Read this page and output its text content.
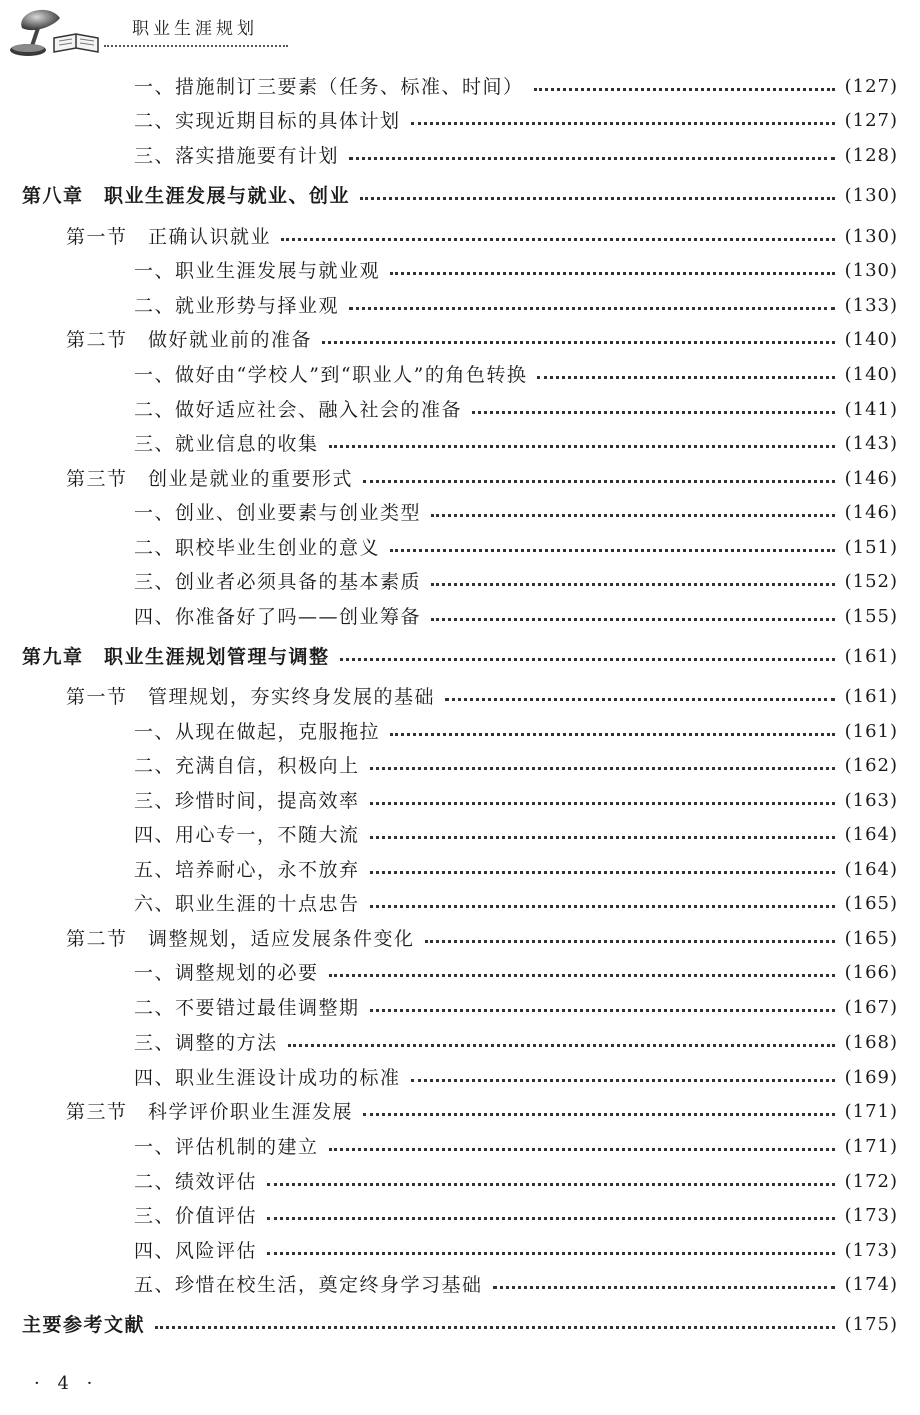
职业生涯规划
一、措施制订三要素（任务、标准、时间）	(127)
二、实现近期目标的具体计划	(127)
三、落实措施要有计划	(128)
第八章　职业生涯发展与就业、创业	(130)
第一节　正确认识就业	(130)
一、职业生涯发展与就业观	(130)
二、就业形势与择业观	(133)
第二节　做好就业前的准备	(140)
一、做好由“学校人”到“职业人”的角色转换	(140)
二、做好适应社会、融入社会的准备	(141)
三、就业信息的收集	(143)
第三节　创业是就业的重要形式	(146)
一、创业、创业要素与创业类型	(146)
二、职校毕业生创业的意义	(151)
三、创业者必须具备的基本素质	(152)
四、你准备好了吗——创业筹备	(155)
第九章　职业生涯规划管理与调整	(161)
第一节　管理规划，夯实终身发展的基础	(161)
一、从现在做起，克服拖拉	(161)
二、充满自信，积极向上	(162)
三、珍惜时间，提高效率	(163)
四、用心专一，不随大流	(164)
五、培养耐心，永不放弃	(164)
六、职业生涯的十点忠告	(165)
第二节　调整规划，适应发展条件变化	(165)
一、调整规划的必要	(166)
二、不要错过最佳调整期	(167)
三、调整的方法	(168)
四、职业生涯设计成功的标准	(169)
第三节　科学评价职业生涯发展	(171)
一、评估机制的建立	(171)
二、绩效评估	(172)
三、价值评估	(173)
四、风险评估	(173)
五、珍惜在校生活，奠定终身学习基础	(174)
主要参考文献	(175)
· 4 ·
